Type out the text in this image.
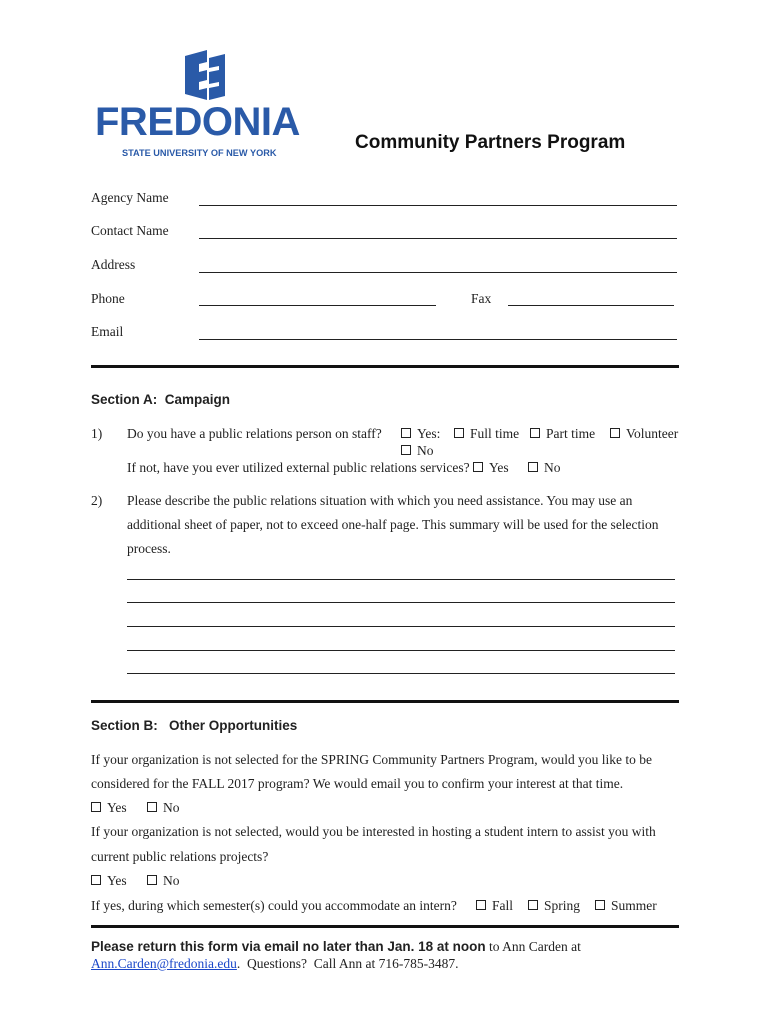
FREDONIA
STATE UNIVERSITY OF NEW YORK	Community Partners Program
Agency Name
Contact Name
Address
Phone	Fax
Email
Section A:  Campaign
1) Do you have a public relations person on staff?	Yes:	Full time	Part time	Volunteer
No
If not, have you ever utilized external public relations services?	Yes	No
2) Please describe the public relations situation with which you need assistance. You may use an
additional sheet of paper, not to exceed one-half page. This summary will be used for the selection
process.
Section B:   Other Opportunities
If your organization is not selected for the SPRING Community Partners Program, would you like to be
considered for the FALL 2017 program? We would email you to confirm your interest at that time.
Yes	No
If your organization is not selected, would you be interested in hosting a student intern to assist you with
current public relations projects?
Yes	No
If yes, during which semester(s) could you accommodate an intern?	Fall	Spring	Summer
Please return this form via email no later than Jan. 18 at noon to Ann Carden at
Ann.Carden@fredonia.edu.  Questions?  Call Ann at 716-785-3487.
